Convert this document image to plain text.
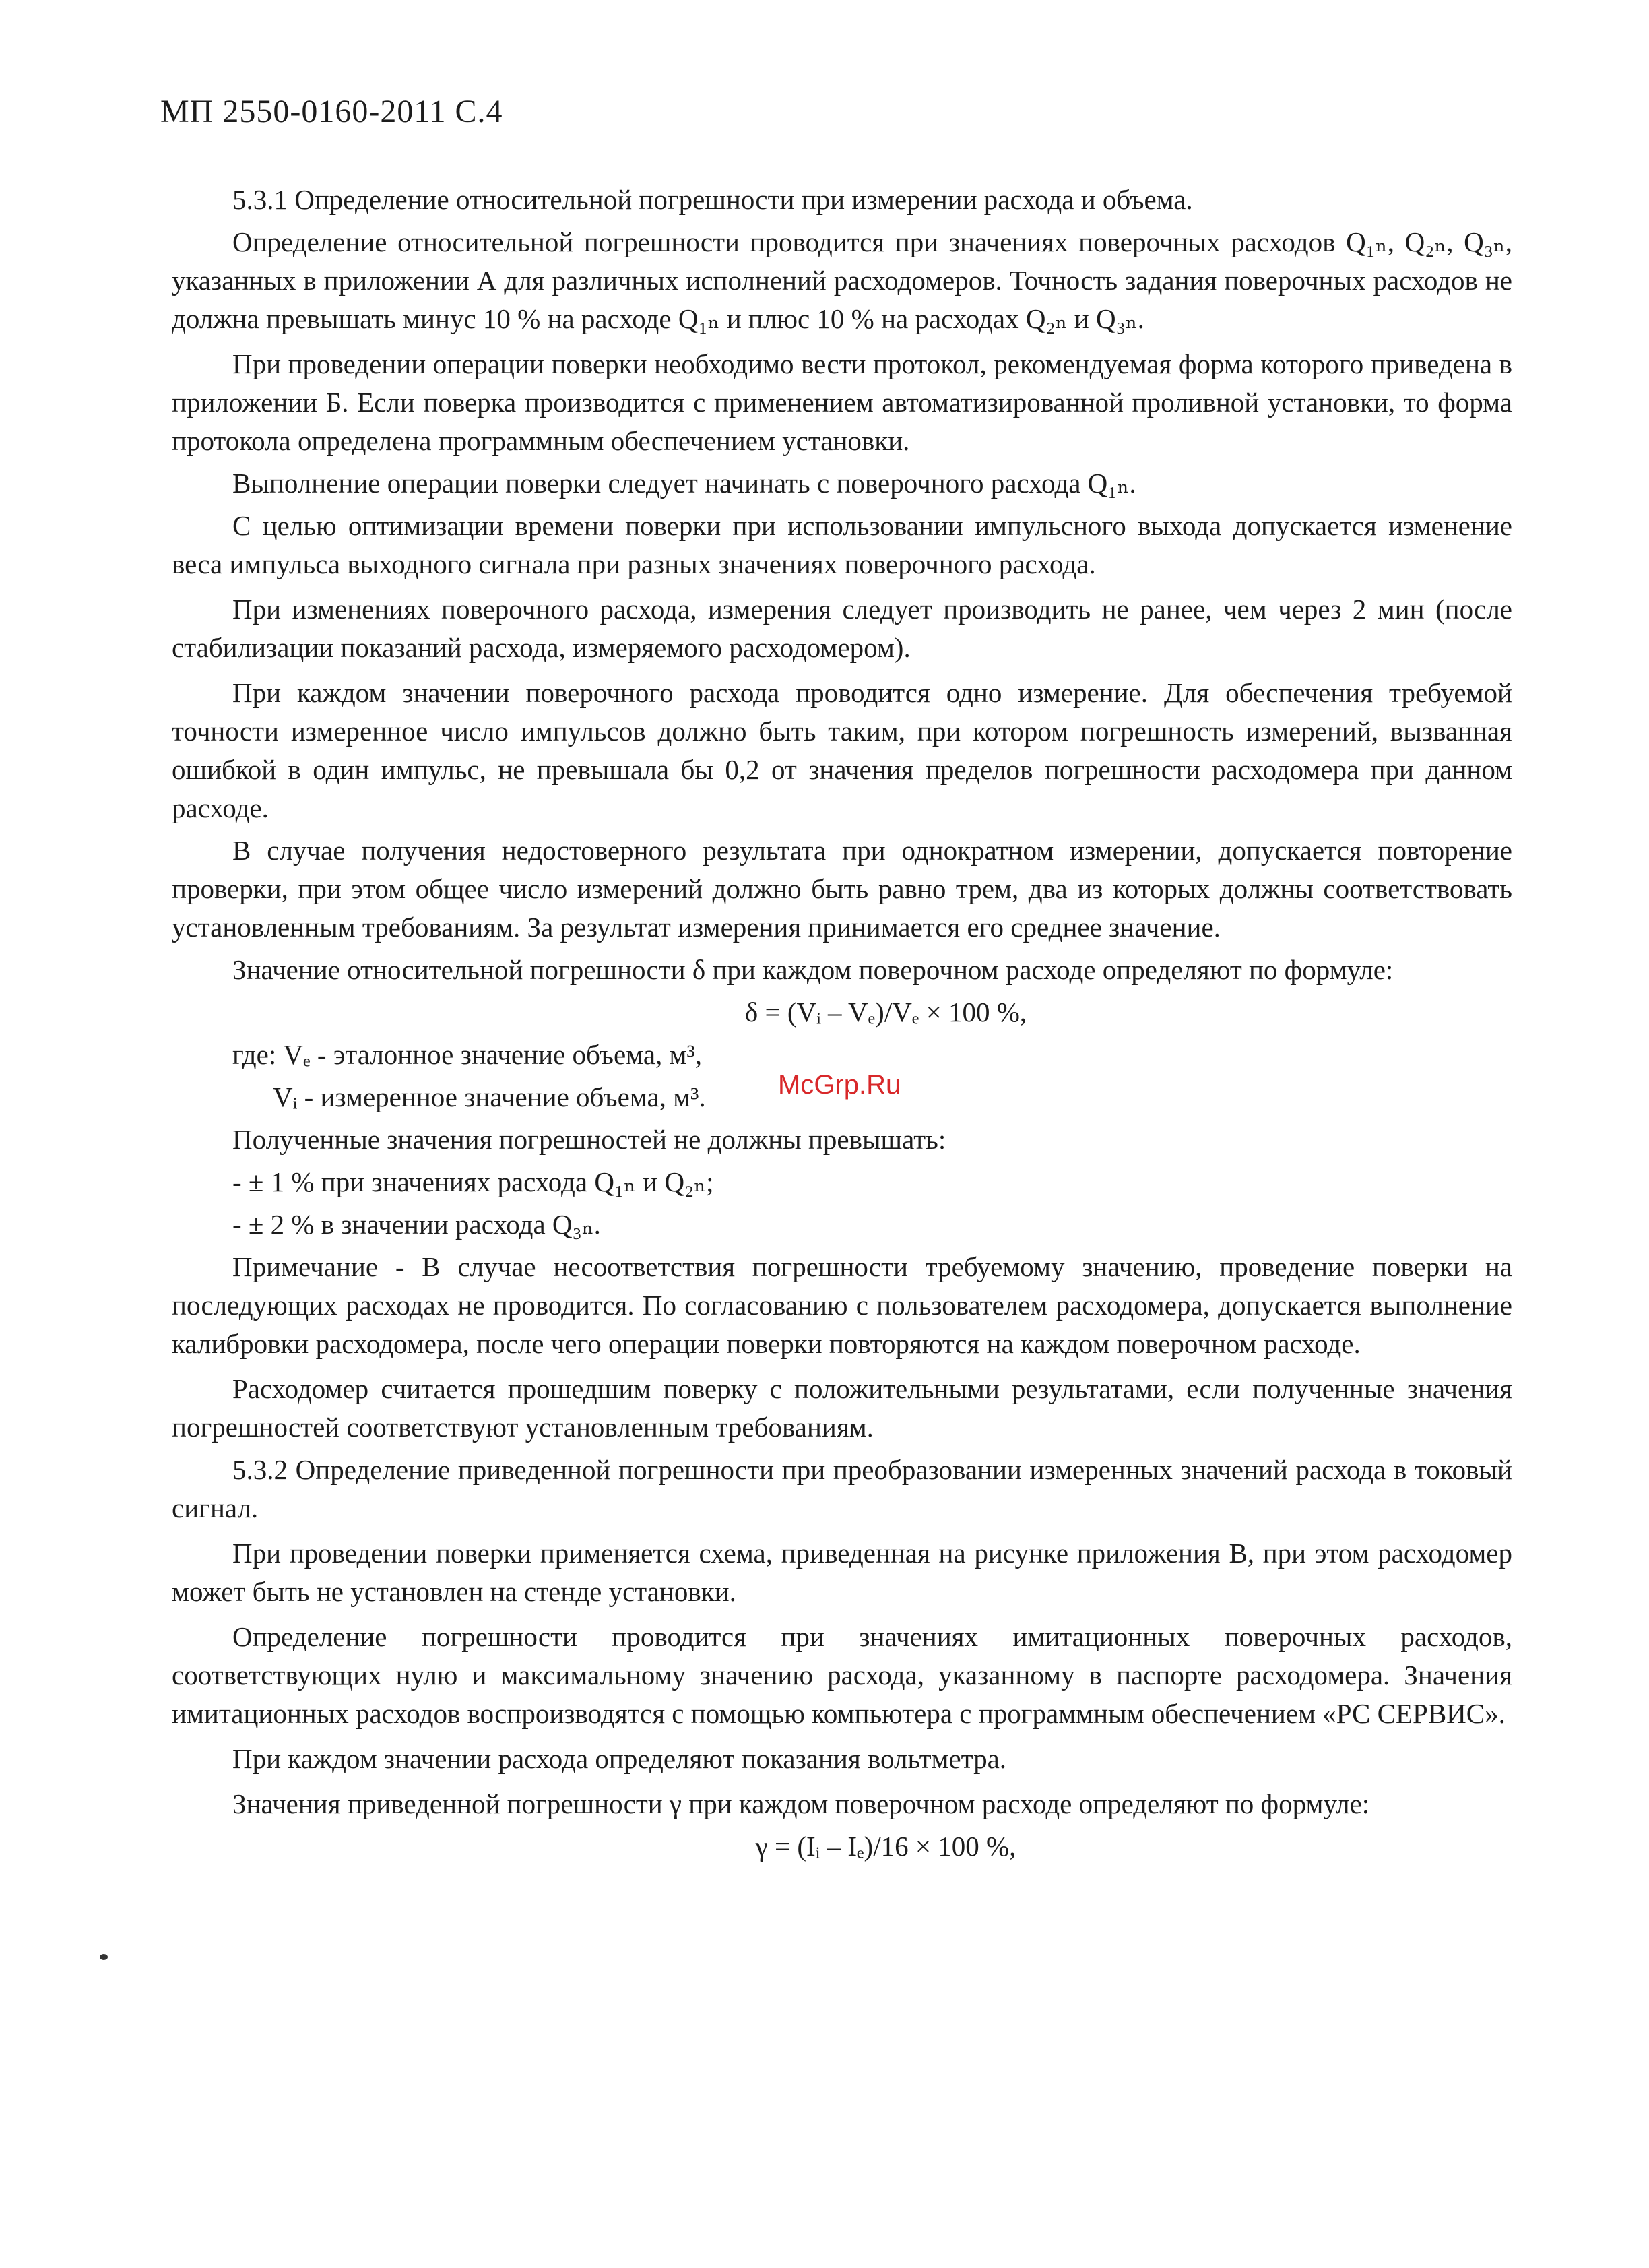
МП 2550-0160-2011 С.4

5.3.1 Определение относительной погрешности при измерении расхода и объема.

Определение относительной погрешности проводится при значениях поверочных расходов Q₁ₙ, Q₂ₙ, Q₃ₙ, указанных в приложении А для различных исполнений расходомеров. Точность задания поверочных расходов не должна превышать минус 10 % на расходе Q₁ₙ и плюс 10 % на расходах Q₂ₙ и Q₃ₙ.

При проведении операции поверки необходимо вести протокол, рекомендуемая форма которого приведена в приложении Б. Если поверка производится с применением автоматизированной проливной установки, то форма протокола определена программным обеспечением установки.

Выполнение операции поверки следует начинать с поверочного расхода Q₁ₙ.

С целью оптимизации времени поверки при использовании импульсного выхода допускается изменение веса импульса выходного сигнала при разных значениях поверочного расхода.

При изменениях поверочного расхода, измерения следует производить не ранее, чем через 2 мин (после стабилизации показаний расхода, измеряемого расходомером).

При каждом значении поверочного расхода проводится одно измерение. Для обеспечения требуемой точности измеренное число импульсов должно быть таким, при котором погрешность измерений, вызванная ошибкой в один импульс, не превышала бы 0,2 от значения пределов погрешности расходомера при данном расходе.

В случае получения недостоверного результата при однократном измерении, допускается повторение проверки, при этом общее число измерений должно быть равно трем, два из которых должны соответствовать установленным требованиям. За результат измерения принимается его среднее значение.

Значение относительной погрешности δ при каждом поверочном расходе определяют по формуле:

δ = (Vᵢ – Vₑ)/Vₑ × 100 %,

где: Vₑ - эталонное значение объема, м³,

Vᵢ - измеренное значение объема, м³.

Полученные значения погрешностей не должны превышать:

- ± 1 % при значениях расхода Q₁ₙ и Q₂ₙ;

- ± 2 % в значении расхода Q₃ₙ.

Примечание - В случае несоответствия погрешности требуемому значению, проведение поверки на последующих расходах не проводится. По согласованию с пользователем расходомера, допускается выполнение калибровки расходомера, после чего операции поверки повторяются на каждом поверочном расходе.

Расходомер считается прошедшим поверку с положительными результатами, если полученные значения погрешностей соответствуют установленным требованиям.

5.3.2 Определение приведенной погрешности при преобразовании измеренных значений расхода в токовый сигнал.

При проведении поверки применяется схема, приведенная на рисунке приложения В, при этом расходомер может быть не установлен на стенде установки.

Определение погрешности проводится при значениях имитационных поверочных расходов, соответствующих нулю и максимальному значению расхода, указанному в паспорте расходомера. Значения имитационных расходов воспроизводятся с помощью компьютера с программным обеспечением «РС СЕРВИС».

При каждом значении расхода определяют показания вольтметра.

Значения приведенной погрешности γ при каждом поверочном расходе определяют по формуле:

γ = (Iᵢ – Iₑ)/16 × 100 %,

McGrp.Ru
